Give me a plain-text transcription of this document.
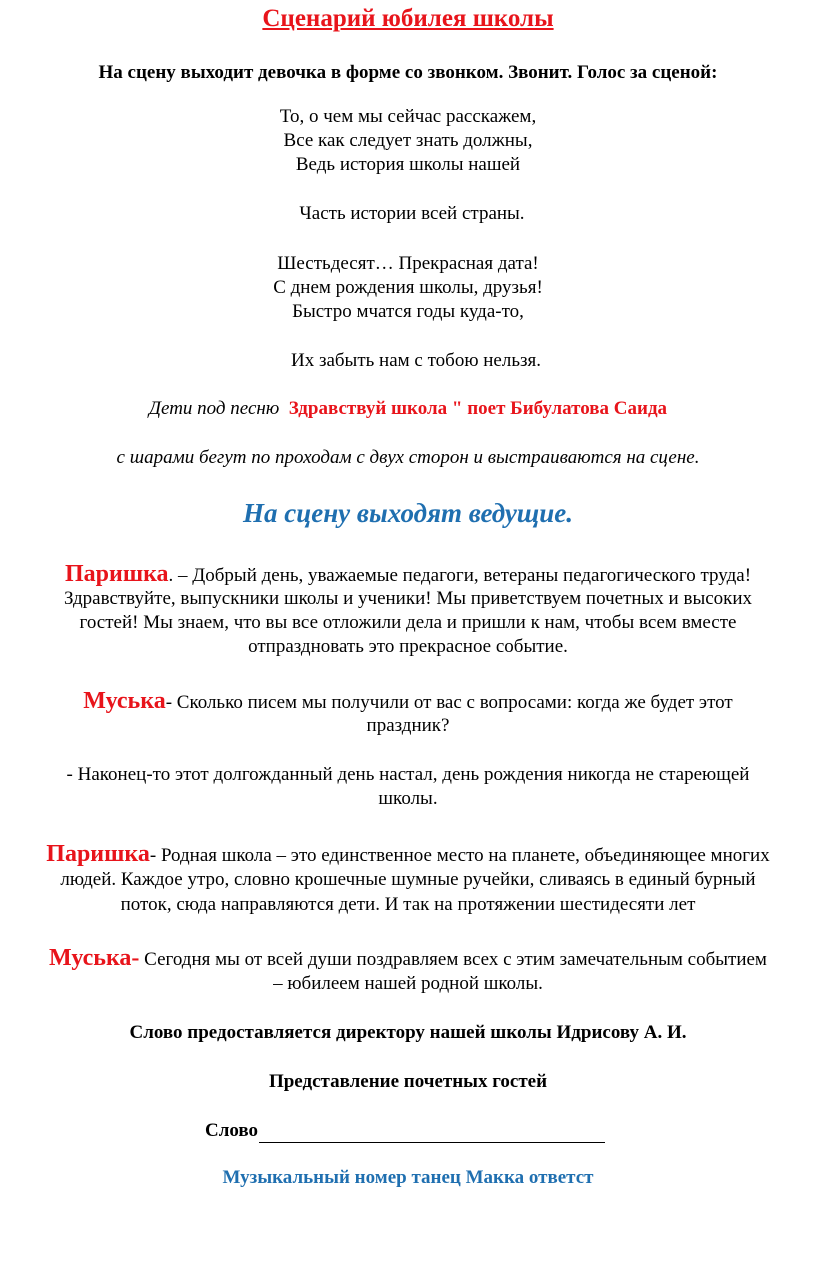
Сценарий юбилея школы
На сцену выходит девочка в форме со звонком. Звонит. Голос за сценой:
То, о чем мы сейчас расскажем,
Все как следует знать должны,
Ведь история школы нашей
Часть истории всей страны.
Шестьдесят… Прекрасная дата!
С днем рождения школы, друзья!
Быстро мчатся годы куда-то,
Их забыть нам с тобою нельзя.
Дети под песню Здравствуй школа " поет Бибулатова Саида
с шарами бегут по проходам с двух сторон и выстраиваются на сцене.
На сцену выходят ведущие.
Паришка. – Добрый день, уважаемые педагоги, ветераны педагогического труда!
Здравствуйте, выпускники школы и ученики! Мы приветствуем почетных и высоких
гостей! Мы знаем, что вы все отложили дела и пришли к нам, чтобы всем вместе
отпраздновать это прекрасное событие.
Муська- Сколько писем мы получили от вас с вопросами: когда же будет этот
праздник?
- Наконец-то этот долгожданный день настал, день рождения никогда не стареющей
школы.
Паришка- Родная школа – это единственное место на планете, объединяющее многих
людей. Каждое утро, словно крошечные шумные ручейки, сливаясь в единый бурный
поток, сюда направляются дети. И так на протяжении шестидесяти лет
Муська- Сегодня мы от всей души поздравляем всех с этим замечательным событием
– юбилеем нашей родной школы.
Слово предоставляется директору нашей школы Идрисову А. И.
Представление почетных гостей
Слово
Музыкальный номер танец Макка ответст
